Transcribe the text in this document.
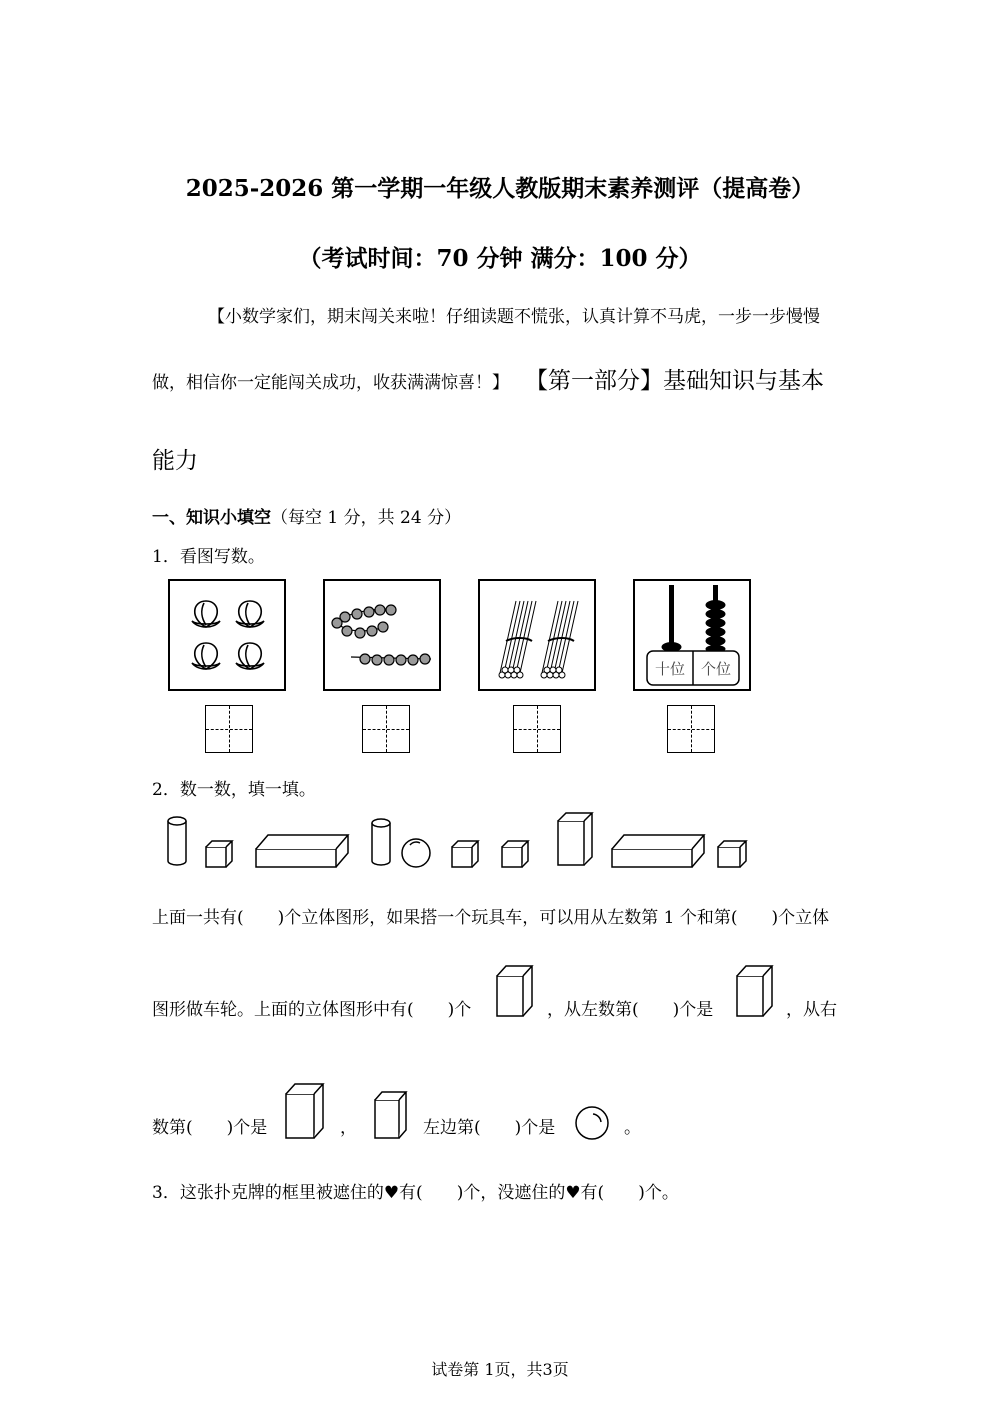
2025-2026 第一学期一年级人教版期末素养测评（提高卷）
（考试时间：70 分钟 满分：100 分）
【小数学家们，期末闯关来啦！仔细读题不慌张，认真计算不马虎，一步一步慢慢
做，相信你一定能闯关成功，收获满满惊喜！】 【第一部分】基础知识与基本
能力
一、知识小填空（每空 1 分，共 24 分）
1．看图写数。
十位	个位
2．数一数，填一填。
上面一共有(　　)个立体图形，如果搭一个玩具车，可以用从左数第 1 个和第(　　)个立体
图形做车轮。上面的立体图形中有(　　)个	，从左数第(　　)个是	，从右
数第(　　)个是	，	左边第(　　)个是	。
3．这张扑克牌的框里被遮住的♥有(　　)个，没遮住的♥有(　　)个。
试卷第 1页，共3页
